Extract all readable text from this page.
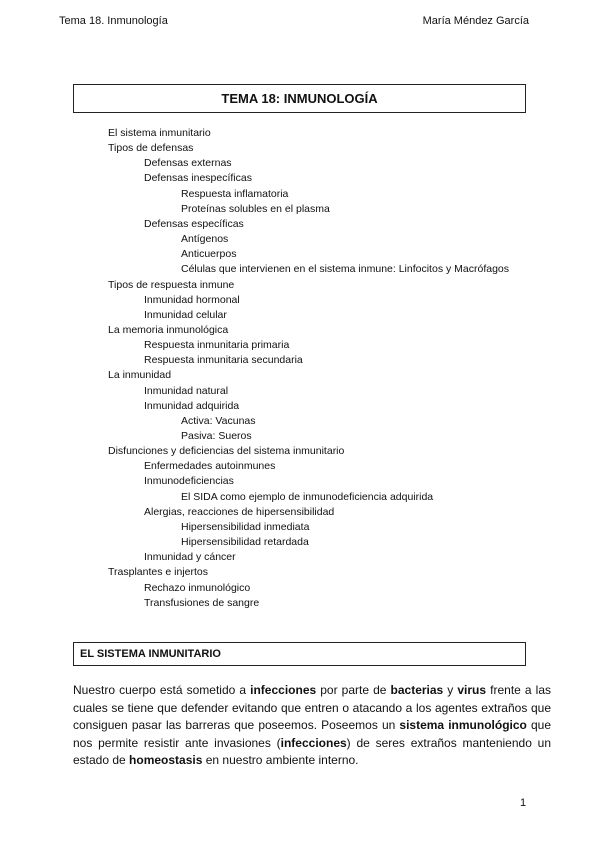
Tema 18. Inmunología	María Méndez García
TEMA 18: INMUNOLOGÍA
El sistema inmunitario
Tipos de defensas
Defensas externas
Defensas inespecíficas
Respuesta inflamatoria
Proteínas solubles en el plasma
Defensas específicas
Antígenos
Anticuerpos
Células que intervienen en el sistema inmune: Linfocitos y Macrófagos
Tipos de respuesta inmune
Inmunidad hormonal
Inmunidad celular
La memoria inmunológica
Respuesta inmunitaria primaria
Respuesta inmunitaria secundaria
La inmunidad
Inmunidad natural
Inmunidad adquirida
Activa: Vacunas
Pasiva: Sueros
Disfunciones y deficiencias del sistema inmunitario
Enfermedades autoinmunes
Inmunodeficiencias
El SIDA como ejemplo de inmunodeficiencia adquirida
Alergias, reacciones de hipersensibilidad
Hipersensibilidad inmediata
Hipersensibilidad retardada
Inmunidad y cáncer
Trasplantes e injertos
Rechazo inmunológico
Transfusiones de sangre
EL SISTEMA INMUNITARIO
Nuestro cuerpo está sometido a infecciones por parte de bacterias y virus frente a las cuales se tiene que defender evitando que entren o atacando a los agentes extraños que consiguen pasar las barreras que poseemos. Poseemos un sistema inmunológico que nos permite resistir ante invasiones (infecciones) de seres extraños manteniendo un estado de homeostasis en nuestro ambiente interno.
1
